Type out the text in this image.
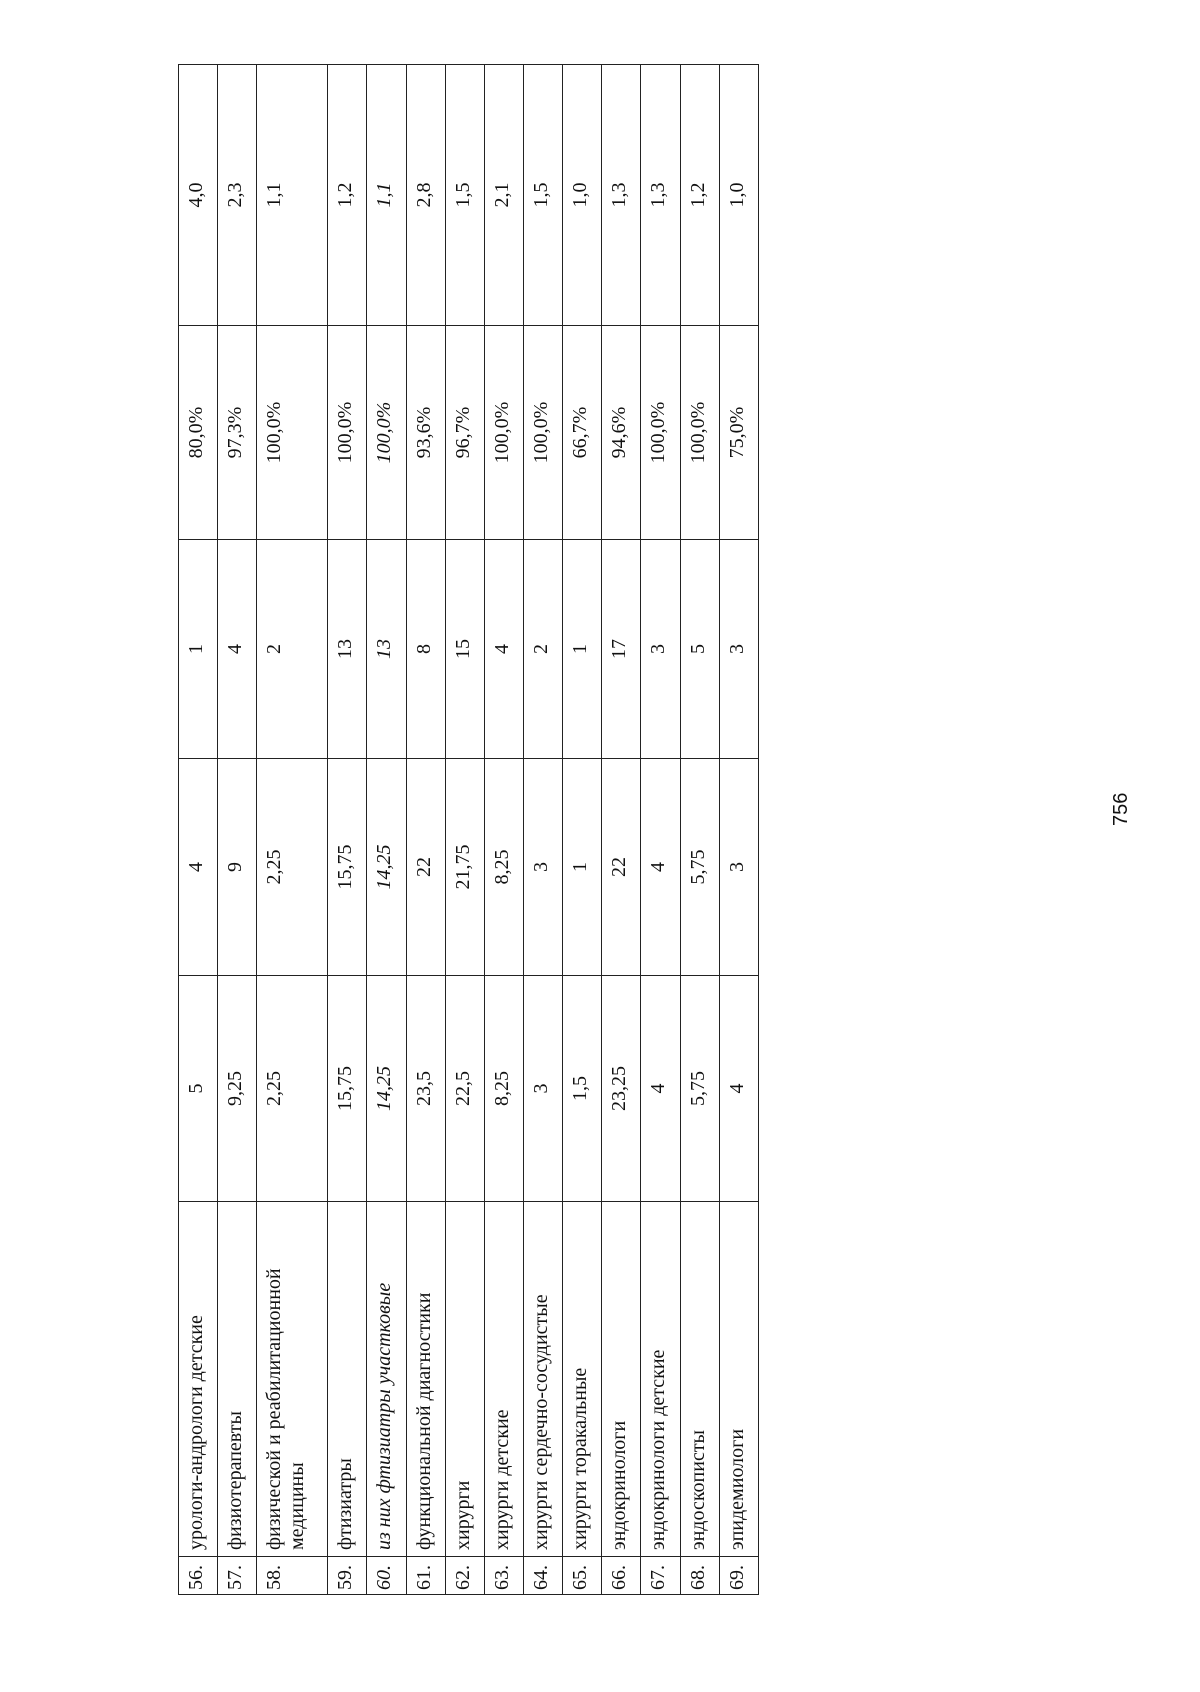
56.	урологи-андрологи детские	5	4	1	80,0%	4,0
57.	физиотерапевты	9,25	9	4	97,3%	2,3
58.	физической и реабилитационной медицины	2,25	2,25	2	100,0%	1,1
59.	фтизиатры	15,75	15,75	13	100,0%	1,2
60.	из них фтизиатры участковые	14,25	14,25	13	100,0%	1,1
61.	функциональной диагностики	23,5	22	8	93,6%	2,8
62.	хирурги	22,5	21,75	15	96,7%	1,5
63.	хирурги детские	8,25	8,25	4	100,0%	2,1
64.	хирурги сердечно-сосудистые	3	3	2	100,0%	1,5
65.	хирурги торакальные	1,5	1	1	66,7%	1,0
66.	эндокринологи	23,25	22	17	94,6%	1,3
67.	эндокринологи детские	4	4	3	100,0%	1,3
68.	эндоскописты	5,75	5,75	5	100,0%	1,2
69.	эпидемиологи	4	3	3	75,0%	1,0
756
